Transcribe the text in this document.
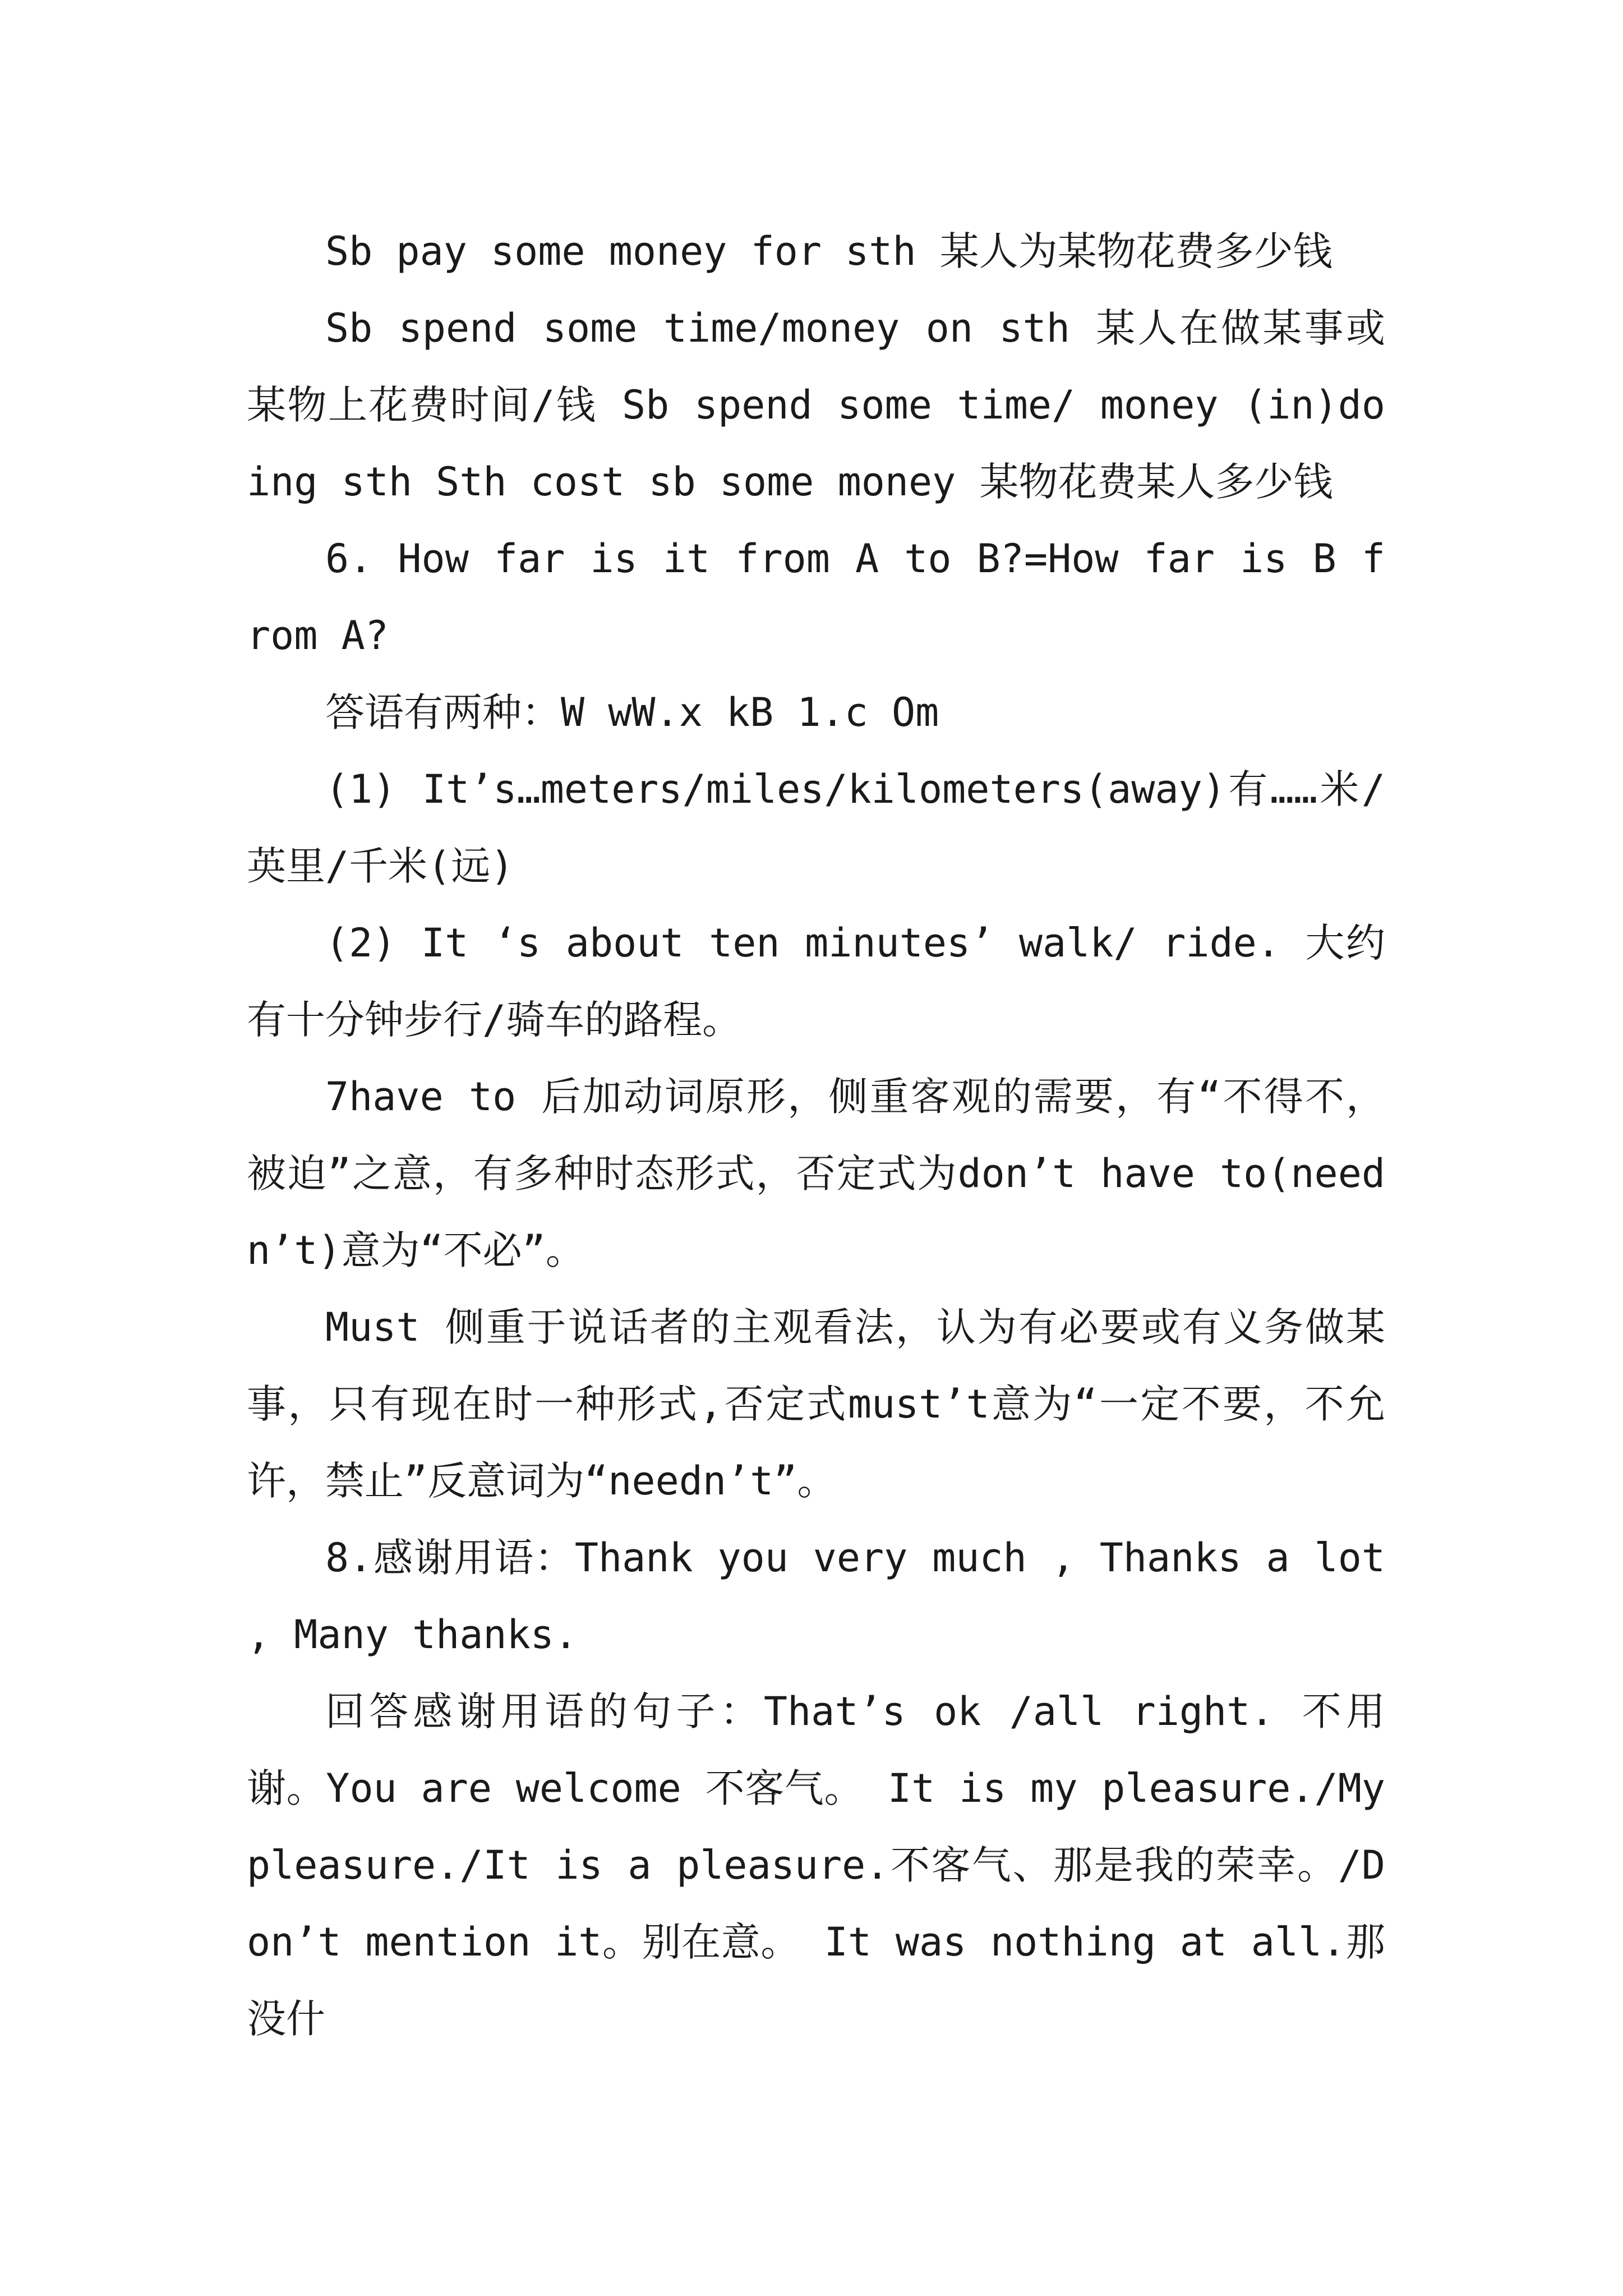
Sb pay some money for sth 某人为某物花费多少钱

Sb spend some time/money on sth 某人在做某事或某物上花费时间/钱 Sb spend some time/ money (in)doing sth Sth cost sb some money 某物花费某人多少钱

6. How far is it from A to B?=How far is B from A?

答语有两种：W wW.x kB 1.c Om

(1) It’s…meters/miles/kilometers(away)有……米/英里/千米(远)

(2) It ‘s about ten minutes’ walk/ ride. 大约有十分钟步行/骑车的路程。

7have to 后加动词原形，侧重客观的需要，有“不得不，被迫”之意，有多种时态形式，否定式为don’t have to(needn’t)意为“不必”。

Must 侧重于说话者的主观看法，认为有必要或有义务做某事，只有现在时一种形式,否定式must’t意为“一定不要，不允许，禁止”反意词为“needn’t”。

8.感谢用语：Thank you very much , Thanks a lot , Many thanks.

回答感谢用语的句子：That’s ok /all right. 不用谢。You are welcome 不客气。 It is my pleasure./My pleasure./It is a pleasure.不客气、那是我的荣幸。/Don’t mention it。别在意。 It was nothing at all.那没什
